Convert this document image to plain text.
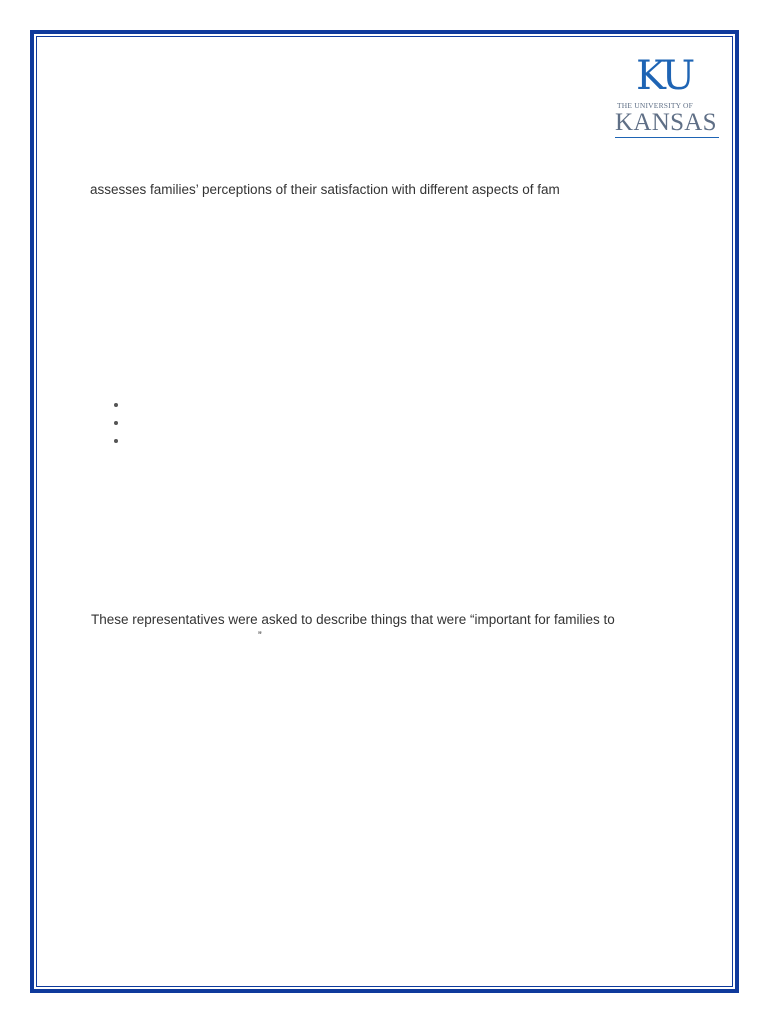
KU
THE UNIVERSITY OF
KANSAS
assesses families’ perceptions of their satisfaction with different aspects of fam
These representatives were asked to describe things that were “important for families to
”
